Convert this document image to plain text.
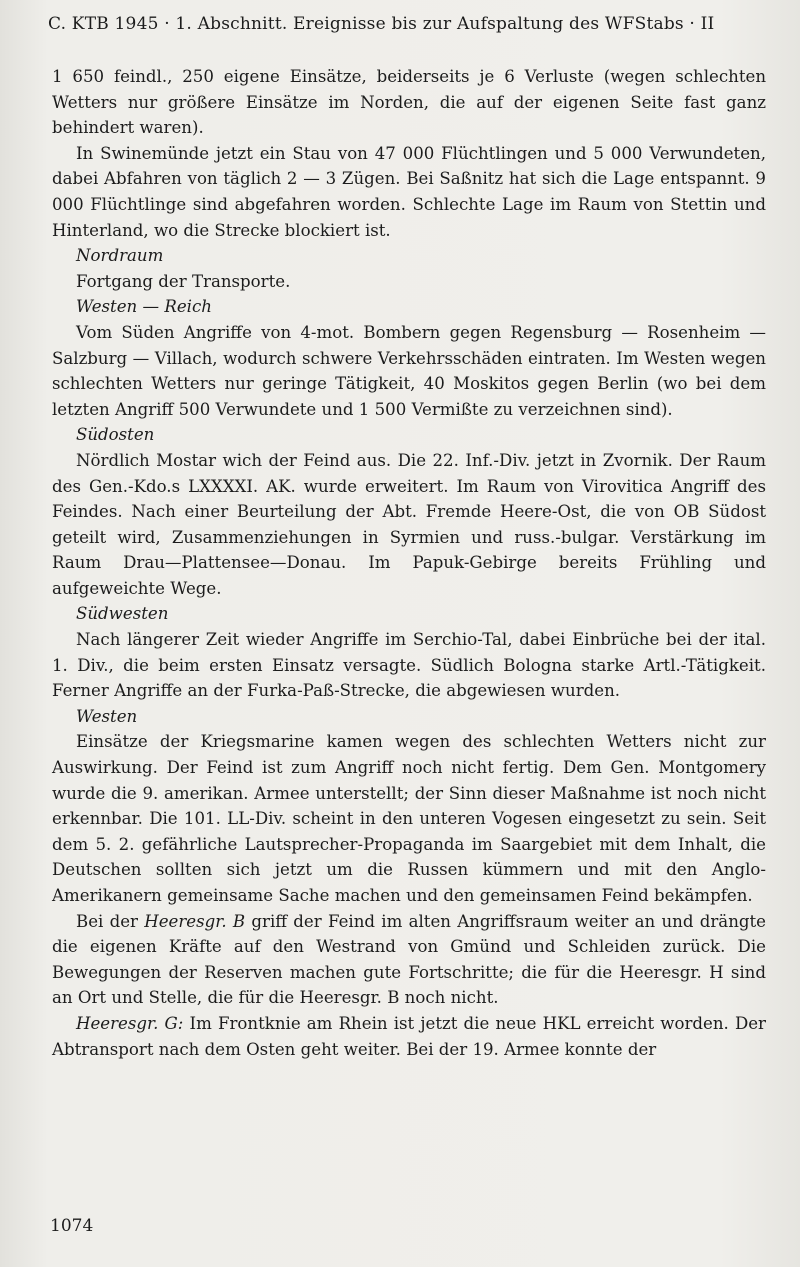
C. KTB 1945 · 1. Abschnitt. Ereignisse bis zur Aufspaltung des WFStabs · II

1 650 feindl., 250 eigene Einsätze, beiderseits je 6 Verluste (wegen schlechten Wetters nur größere Einsätze im Norden, die auf der eigenen Seite fast ganz behindert waren).

In Swinemünde jetzt ein Stau von 47 000 Flüchtlingen und 5 000 Verwundeten, dabei Abfahren von täglich 2 — 3 Zügen. Bei Saßnitz hat sich die Lage entspannt. 9 000 Flüchtlinge sind abgefahren worden. Schlechte Lage im Raum von Stettin und Hinterland, wo die Strecke blockiert ist.

Nordraum

Fortgang der Transporte.

Westen — Reich

Vom Süden Angriffe von 4-mot. Bombern gegen Regensburg — Rosenheim — Salzburg — Villach, wodurch schwere Verkehrsschäden eintraten. Im Westen wegen schlechten Wetters nur geringe Tätigkeit, 40 Moskitos gegen Berlin (wo bei dem letzten Angriff 500 Verwundete und 1 500 Vermißte zu verzeichnen sind).

Südosten

Nördlich Mostar wich der Feind aus. Die 22. Inf.-Div. jetzt in Zvornik. Der Raum des Gen.-Kdo.s LXXXXI. AK. wurde erweitert. Im Raum von Virovitica Angriff des Feindes. Nach einer Beurteilung der Abt. Fremde Heere-Ost, die von OB Südost geteilt wird, Zusammenziehungen in Syrmien und russ.-bulgar. Verstärkung im Raum Drau—Plattensee—Donau. Im Papuk-Gebirge bereits Frühling und aufgeweichte Wege.

Südwesten

Nach längerer Zeit wieder Angriffe im Serchio-Tal, dabei Einbrüche bei der ital. 1. Div., die beim ersten Einsatz versagte. Südlich Bologna starke Artl.-Tätigkeit. Ferner Angriffe an der Furka-Paß-Strecke, die abgewiesen wurden.

Westen

Einsätze der Kriegsmarine kamen wegen des schlechten Wetters nicht zur Auswirkung. Der Feind ist zum Angriff noch nicht fertig. Dem Gen. Montgomery wurde die 9. amerikan. Armee unterstellt; der Sinn dieser Maßnahme ist noch nicht erkennbar. Die 101. LL-Div. scheint in den unteren Vogesen eingesetzt zu sein. Seit dem 5. 2. gefährliche Lautsprecher-Propaganda im Saargebiet mit dem Inhalt, die Deutschen sollten sich jetzt um die Russen kümmern und mit den Anglo-Amerikanern gemeinsame Sache machen und den gemeinsamen Feind bekämpfen.

Bei der Heeresgr. B griff der Feind im alten Angriffsraum weiter an und drängte die eigenen Kräfte auf den Westrand von Gmünd und Schleiden zurück. Die Bewegungen der Reserven machen gute Fortschritte; die für die Heeresgr. H sind an Ort und Stelle, die für die Heeresgr. B noch nicht.

Heeresgr. G: Im Frontknie am Rhein ist jetzt die neue HKL erreicht worden. Der Abtransport nach dem Osten geht weiter. Bei der 19. Armee konnte der

1074
